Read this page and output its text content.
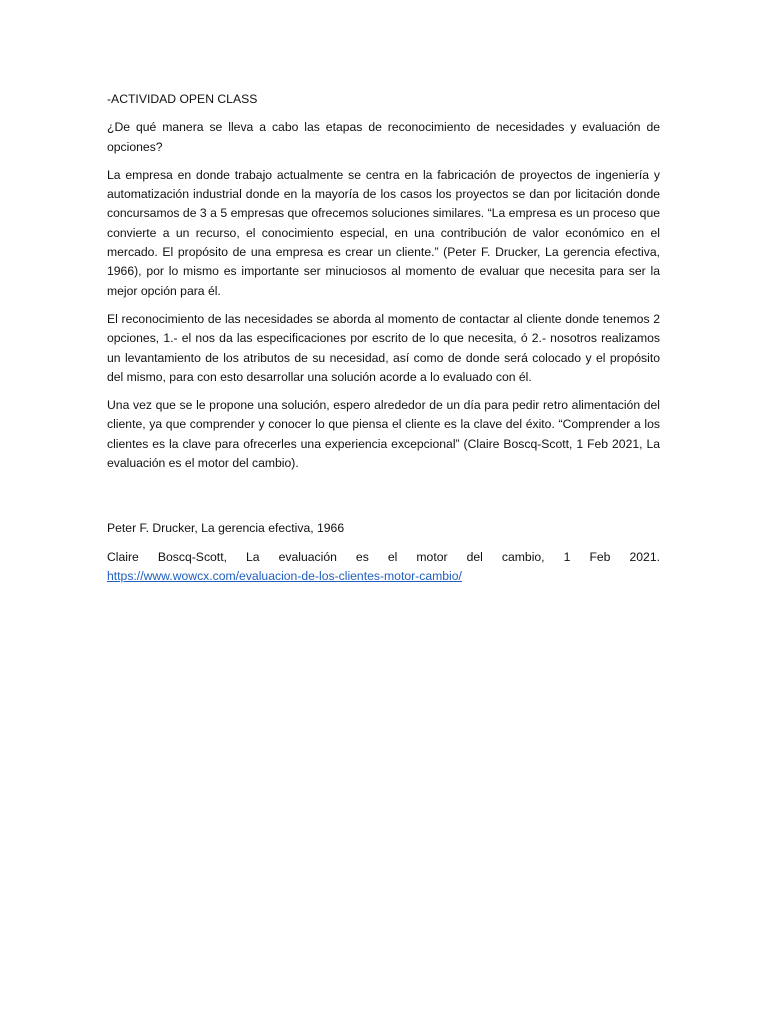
-ACTIVIDAD OPEN CLASS

¿De qué manera se lleva a cabo las etapas de reconocimiento de necesidades y evaluación de opciones?

La empresa en donde trabajo actualmente se centra en la fabricación de proyectos de ingeniería y automatización industrial donde en la mayoría de los casos los proyectos se dan por licitación donde concursamos de 3 a 5 empresas que ofrecemos soluciones similares. “La empresa es un proceso que convierte a un recurso, el conocimiento especial, en una contribución de valor económico en el mercado. El propósito de una empresa es crear un cliente.” (Peter F. Drucker, La gerencia efectiva, 1966), por lo mismo es importante ser minuciosos al momento de evaluar que necesita para ser la mejor opción para él.

El reconocimiento de las necesidades se aborda al momento de contactar al cliente donde tenemos 2 opciones, 1.- el nos da las especificaciones por escrito de lo que necesita, ó 2.- nosotros realizamos un levantamiento de los atributos de su necesidad, así como de donde será colocado y el propósito del mismo, para con esto desarrollar una solución acorde a lo evaluado con él.

Una vez que se le propone una solución, espero alrededor de un día para pedir retro alimentación del cliente, ya que comprender y conocer lo que piensa el cliente es la clave del éxito. “Comprender a los clientes es la clave para ofrecerles una experiencia excepcional” (Claire Boscq-Scott, 1 Feb 2021, La evaluación es el motor del cambio).

Peter F. Drucker, La gerencia efectiva, 1966

Claire Boscq-Scott, La evaluación es el motor del cambio, 1 Feb 2021. https://www.wowcx.com/evaluacion-de-los-clientes-motor-cambio/
